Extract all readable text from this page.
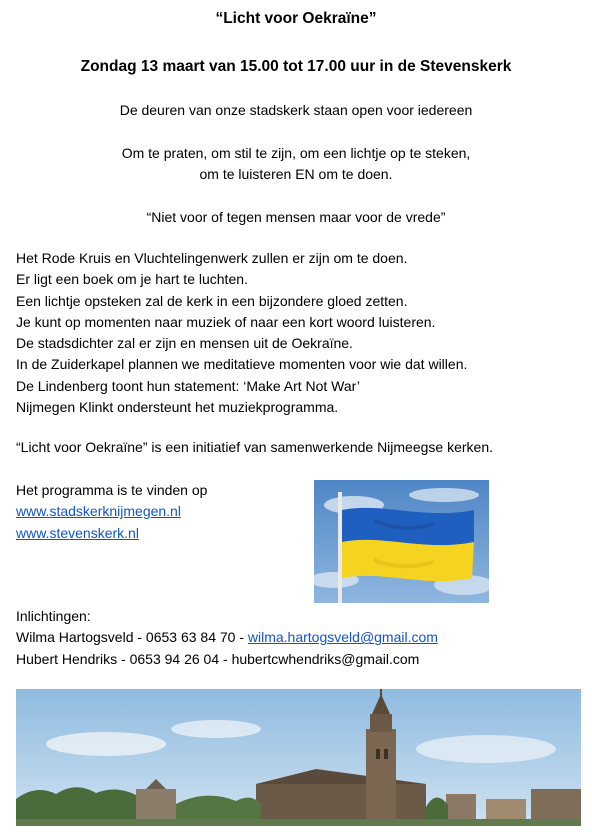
“Licht voor Oekraïne”
Zondag 13 maart van 15.00 tot 17.00 uur in de Stevenskerk
De deuren van onze stadskerk staan open voor iedereen
Om te praten, om stil te zijn, om een lichtje op te steken,
om te luisteren EN om te doen.
“Niet voor of tegen mensen maar voor de vrede”
Het Rode Kruis en Vluchtelingenwerk zullen er zijn om te doen.
Er ligt een boek om je hart te luchten.
Een lichtje opsteken zal de kerk in een bijzondere gloed zetten.
Je kunt op momenten naar muziek of naar een kort woord luisteren.
De stadsdichter zal er zijn en mensen uit de Oekraïne.
In de Zuiderkapel plannen we meditatieve momenten voor wie dat willen.
De Lindenberg toont hun statement: ‘Make Art Not War’
Nijmegen Klinkt ondersteunt het muziekprogramma.
“Licht voor Oekraïne” is een initiatief van samenwerkende Nijmeegse kerken.
Het programma is te vinden op
www.stadskerknijmegen.nl
www.stevenskerk.nl
Inlichtingen:
Wilma Hartogsveld - 0653 63 84 70 - wilma.hartogsveld@gmail.com
Hubert Hendriks - 0653 94 26 04 - hubertcwhendriks@gmail.com
